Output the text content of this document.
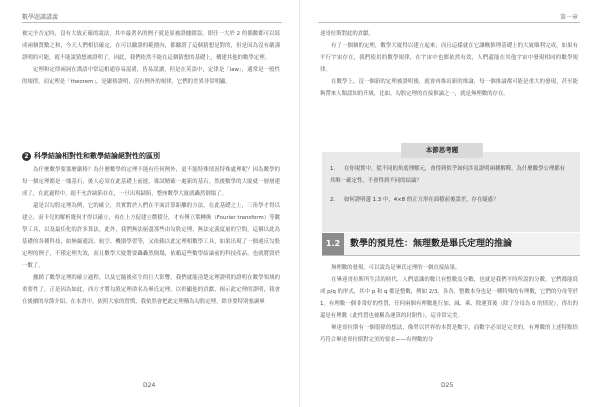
數學題識講義

被完全否定時，沒有大致正確的說法，其中最著名的例子就是原被證據錯誤，即任一大於 2 的偶數都可以寫成兩個質數之和，今天人們相信確定，在可以驗證的範圍內，都驗證了這個猜想是對的，但是因為沒有嚴謹證明的可能，就不能說猜想被證明了。因此，我們依然不能在這個猜想的基礎上，構建其他的數學定理。

定理和定律兩詞在漢語中常這相通容易混淆，皆易誤讀，但是在英語中，定律是「law」，通常是一般性的規律，而定理是「theorem」，是嚴格證明，沒有例外的規律，它們的差異非常明顯。

2 科學結論相對性和數學結論絕對性的區別

為什麼數學要那麼嚴格？為什麼數學的定理不能有任何例外，更不能特殊情況特殊處理呢？因為數學的每一個定理都是一塊基石，後人必須在此基礎上前進，導試精確一處新的基石。然後數學的大廈就一層層建成了，在此過程中，絕不允許缺陷存在，一旦出現缺陷，整座數學大廈就轟然倒塌了。

還是以勾股定理為例，它的確立，其實對於人們在平面計算距離的方法。在此基礎之上，三角學才得以建立，而卡兒的解析幾何才得以確立，再在上方促建立微積分，才有傅立葉轉換（Fourier transform）等數學工具，以及最佳化的許多算法。此外，我們無法窮盡那些由勾股定理，無法定義度量的空間，這個以此為基礎的各種科技，如無線通訊、航空、機器學習等，又依賴以此定理相數學工具，如果出現了一個違反勾股定理的例子，不僅定理失效，而且數學大廈將要轟轟然倒塌，依賴這些數學結論前的科技產品，也就將毀於一數了。

撤銷了數學定理的確立過程，以及它隨後產生的巨大影響，我們就能清楚定理證明的證明在數學領域的重要性了，正是因為如此，西方才將勾股定理命名為畢氏定理，以彰顯他的貢獻，揭示此定理的證明，我會在後續的章節介紹，在本書中，依照大家的習慣，我依然會把此定理稱為勾股定理，除非要特別強調畢

D24
第一章

達哥拉斯對此的貢獻。

有了一個個的定理，數學大廈得以建立起來；而且這樣就在它讓概推理基礎上的大廈順利完成，如果有平行宇宙存在，我們使用的數學規律，在宇宙中也都依然有效，人們還能在其他宇宙中發現相同的數學規律。

在數學上，沒一個新的定理被證明後，就會再推出新的推論，每一個推論都可能是重大的發現，甚至能夠帶來人類認知的升級，比如，勾股定理的直接推論之一，就是無理數的存在。

本節思考題
1. 在你現實中，從不同的角度理解元，會得到似乎如何涉及證明兩種解釋，為什麼數學公理都有其唯一確定性，不會得到不同的結論？
2. 如何證明邊 1.3 中，4×8 的正方形在面積前後誤差，存在疑惑？
1.2	數學的預見性：無理數是畢氏定理的推論

無理數的發現，可以說為是畢氏定理的一個直接結果。

在畢達哥拉斯所生活的時代，人們認識的數只有整數及分數，也就是我們平時所說的分數，它們都能寫成 p/q 的形式，其中 p 和 q 都是整數，例如 2/3，各各，整數本身也是一種特殊的有理數，它們的分母等於 1。有理數一個非常好的性質，任何兩個有理數進行加、減、乘、除運算後（除了分母為 0 的情況），得出的還是有理數（此性質也被稱為運算的封閉性），這非常完美。

畢達哥拉斯有一個很偉的想法，像勞以世界的本質是數字，而數字必須是完美的，有理數的上述特點恰巧符合畢達哥拉斯對完美的要求——有理數的分

D25
